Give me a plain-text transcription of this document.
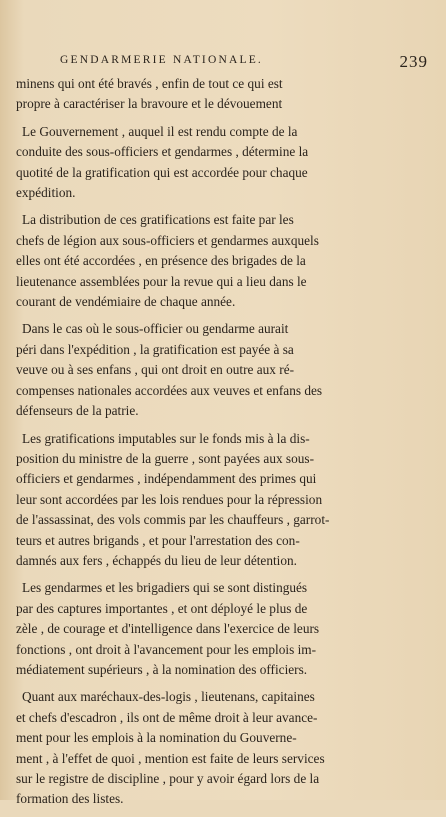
GENDARMERIE NATIONALE.	239

minens qui ont été bravés , enfin de tout ce qui est
propre à caractériser la bravoure et le dévouement

Le Gouvernement , auquel il est rendu compte de la
conduite des sous-officiers et gendarmes , détermine la
quotité de la gratification qui est accordée pour chaque
expédition.

La distribution de ces gratifications est faite par les
chefs de légion aux sous-officiers et gendarmes auxquels
elles ont été accordées , en présence des brigades de la
lieutenance assemblées pour la revue qui a lieu dans le
courant de vendémiaire de chaque année.

Dans le cas où le sous-officier ou gendarme aurait
péri dans l'expédition , la gratification est payée à sa
veuve ou à ses enfans , qui ont droit en outre aux ré-
compenses nationales accordées aux veuves et enfans des
défenseurs de la patrie.

Les gratifications imputables sur le fonds mis à la dis-
position du ministre de la guerre , sont payées aux sous-
officiers et gendarmes , indépendamment des primes qui
leur sont accordées par les lois rendues pour la répression
de l'assassinat, des vols commis par les chauffeurs , garrot-
teurs et autres brigands , et pour l'arrestation des con-
damnés aux fers , échappés du lieu de leur détention.

Les gendarmes et les brigadiers qui se sont distingués
par des captures importantes , et ont déployé le plus de
zèle , de courage et d'intelligence dans l'exercice de leurs
fonctions , ont droit à l'avancement pour les emplois im-
médiatement supérieurs , à la nomination des officiers.

Quant aux maréchaux-des-logis , lieutenans, capitaines
et chefs d'escadron , ils ont de même droit à leur avance-
ment pour les emplois à la nomination du Gouverne-
ment , à l'effet de quoi , mention est faite de leurs services
sur le registre de discipline , pour y avoir égard lors de la
formation des listes.
